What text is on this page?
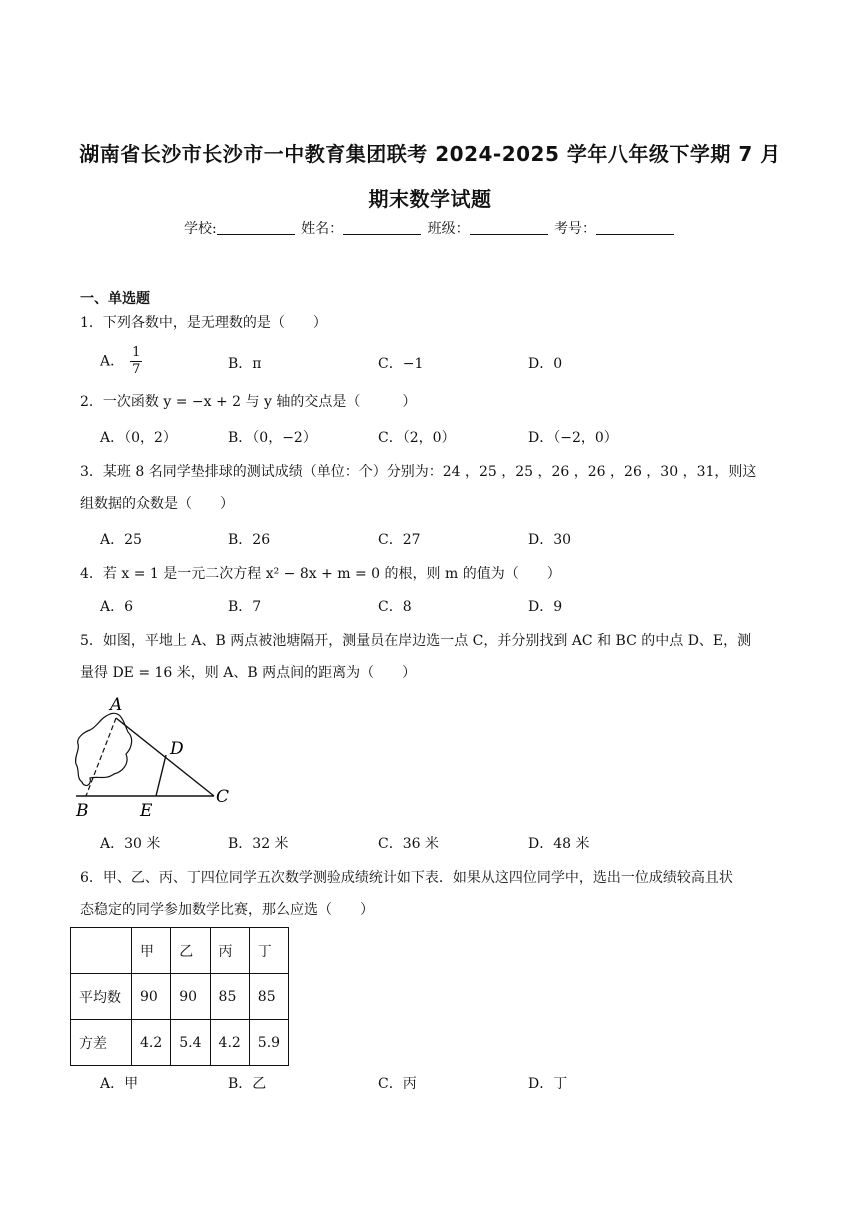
湖南省长沙市长沙市一中教育集团联考 2024-2025 学年八年级下学期 7 月
期末数学试题
学校:	姓名：	班级：	考号：
一、单选题
1．下列各数中，是无理数的是（　　）
A． $\frac{1}{7}$	B．π	C．−1	D．0
2．一次函数 y = −x + 2 与 y 轴的交点是（　　　）
A．（0，2）	B．（0，−2）	C．（2，0）	D．（−2，0）
3．某班 8 名同学垫排球的测试成绩（单位：个）分别为：24 ，25 ，25 ，26 ，26 ，26 ，30 ，31，则这
组数据的众数是（　　）
A．25	B．26	C．27	D．30
4．若 x = 1 是一元二次方程 x² − 8x + m = 0 的根，则 m 的值为（　　）
A．6	B．7	C．8	D．9
5．如图，平地上 A、B 两点被池塘隔开，测量员在岸边选一点 C，并分别找到 AC 和 BC 的中点 D、E，测
量得 DE = 16 米，则 A、B 两点间的距离为（　　）
A
B
C
D
E
A．30 米	B．32 米	C．36 米	D．48 米
6．甲、乙、丙、丁四位同学五次数学测验成绩统计如下表．如果从这四位同学中，选出一位成绩较高且状
态稳定的同学参加数学比赛，那么应选（　　）
	甲	乙	丙	丁
平均数	90	90	85	85
方差	4.2	5.4	4.2	5.9
A．甲	B．乙	C．丙	D．丁
